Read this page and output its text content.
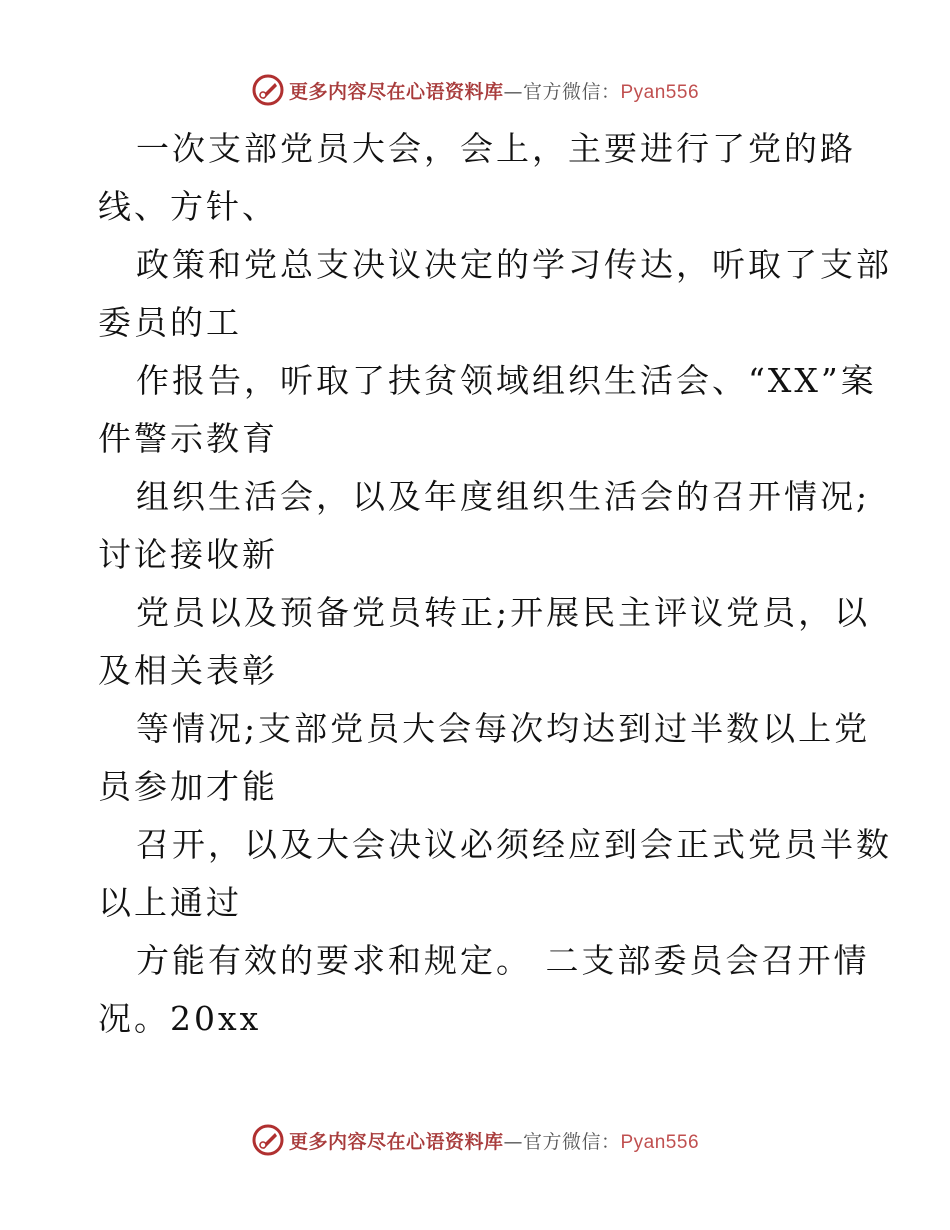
更多内容尽在心语资料库—官方微信：Pyan556
一次支部党员大会，会上，主要进行了党的路
线、方针、
政策和党总支决议决定的学习传达，听取了支部
委员的工
作报告，听取了扶贫领域组织生活会、“XX”案
件警示教育
组织生活会，以及年度组织生活会的召开情况;
讨论接收新
党员以及预备党员转正;开展民主评议党员，以
及相关表彰
等情况;支部党员大会每次均达到过半数以上党
员参加才能
召开，以及大会决议必须经应到会正式党员半数
以上通过
方能有效的要求和规定。 二支部委员会召开情
况。20xx
更多内容尽在心语资料库—官方微信：Pyan556
